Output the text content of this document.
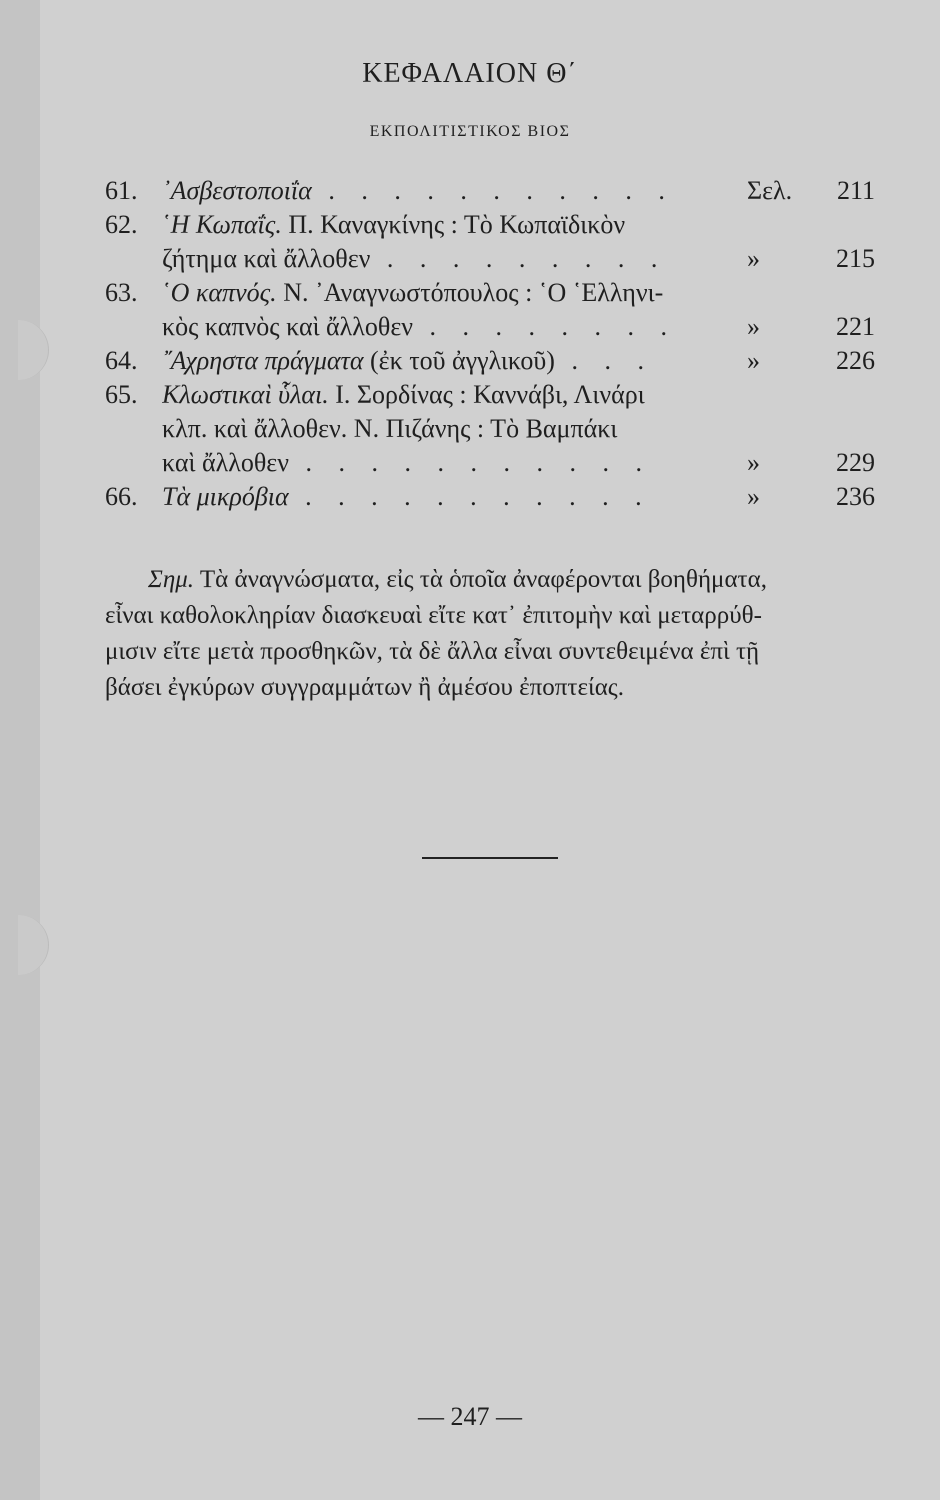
ΚΕΦΑΛΑΙΟΝ Θ΄
ΕΚΠΟΛΙΤΙΣΤΙΚΟΣ ΒΙΟΣ
61. ᾿Ασβεστοποιΐα . . . . . . . . . . .	Σελ.	211
62. ῾Η Κωπαΐς. Π. Καναγκίνης : Τὸ Κωπαϊδικὸν
ζήτημα καὶ ἄλλοθεν . . . . . . . . .	»	215
63. ῾Ο καπνός. Ν. ᾿Αναγνωστόπουλος : ῾Ο ῾Ελληνι-
κὸς καπνὸς καὶ ἄλλοθεν . . . . . . . .	»	221
64. ῎Αχρηστα πράγματα (ἐκ τοῦ ἀγγλικοῦ) . . .	»	226
65. Κλωστικαὶ ὗλαι. Ι. Σορδίνας : Καννάβι, Λινάρι
κλπ. καὶ ἄλλοθεν. Ν. Πιζάνης : Τὸ Βαμπάκι
καὶ ἄλλοθεν . . . . . . . . . . .	»	229
66. Τὰ μικρόβια . . . . . . . . . . .	»	236
Σημ. Τὰ ἀναγνώσματα, εἰς τὰ ὁποῖα ἀναφέρονται βοηθήματα,
εἶναι καθολοκληρίαν διασκευαὶ εἴτε κατ᾿ ἐπιτομὴν καὶ μεταρρύθ-
μισιν εἴτε μετὰ προσθηκῶν, τὰ δὲ ἄλλα εἶναι συντεθειμένα ἐπὶ τῇ
βάσει ἐγκύρων συγγραμμάτων ἢ ἀμέσου ἐποπτείας.
— 247 —
